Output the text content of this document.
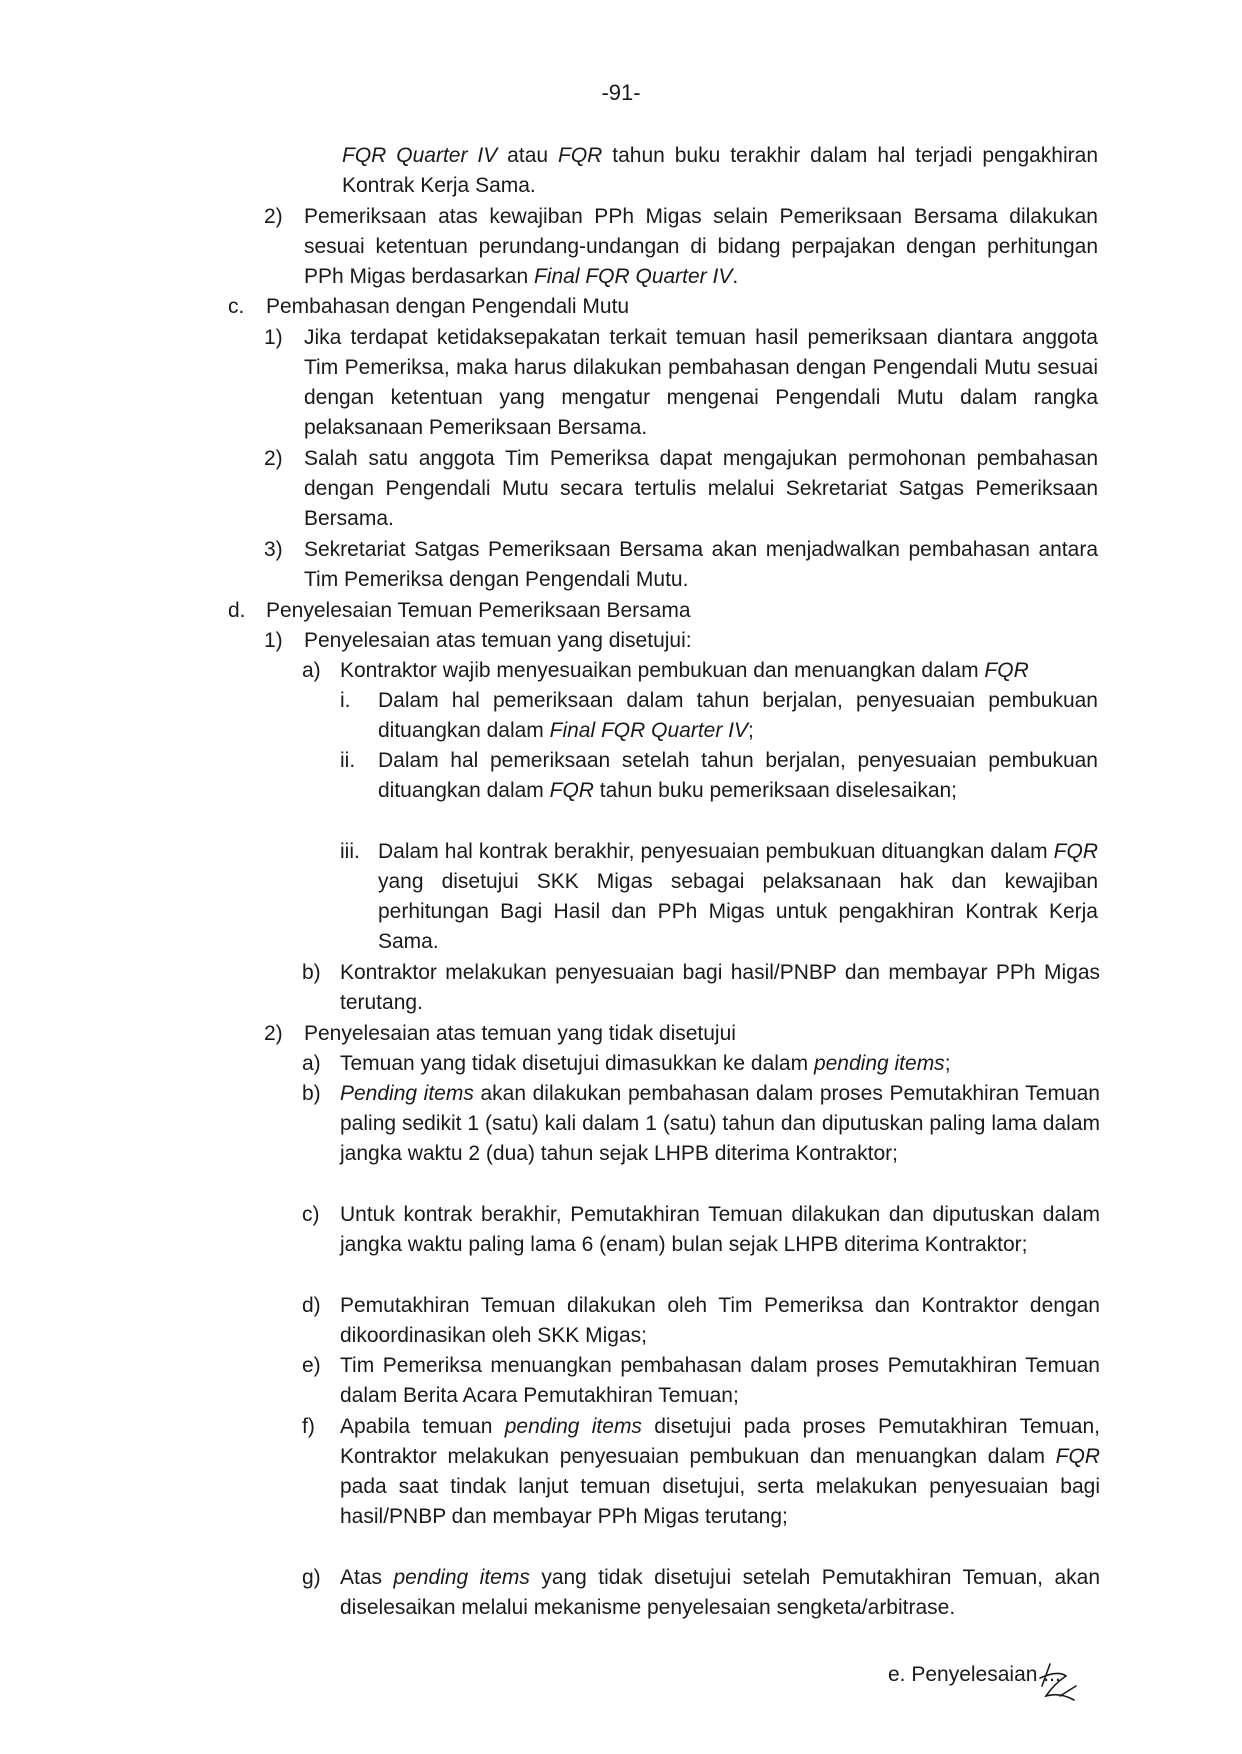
-91-
FQR Quarter IV atau FQR tahun buku terakhir dalam hal terjadi pengakhiran Kontrak Kerja Sama.
2) Pemeriksaan atas kewajiban PPh Migas selain Pemeriksaan Bersama dilakukan sesuai ketentuan perundang-undangan di bidang perpajakan dengan perhitungan PPh Migas berdasarkan Final FQR Quarter IV.
c. Pembahasan dengan Pengendali Mutu
1) Jika terdapat ketidaksepakatan terkait temuan hasil pemeriksaan diantara anggota Tim Pemeriksa, maka harus dilakukan pembahasan dengan Pengendali Mutu sesuai dengan ketentuan yang mengatur mengenai Pengendali Mutu dalam rangka pelaksanaan Pemeriksaan Bersama.
2) Salah satu anggota Tim Pemeriksa dapat mengajukan permohonan pembahasan dengan Pengendali Mutu secara tertulis melalui Sekretariat Satgas Pemeriksaan Bersama.
3) Sekretariat Satgas Pemeriksaan Bersama akan menjadwalkan pembahasan antara Tim Pemeriksa dengan Pengendali Mutu.
d. Penyelesaian Temuan Pemeriksaan Bersama
1) Penyelesaian atas temuan yang disetujui:
a) Kontraktor wajib menyesuaikan pembukuan dan menuangkan dalam FQR
i. Dalam hal pemeriksaan dalam tahun berjalan, penyesuaian pembukuan dituangkan dalam Final FQR Quarter IV;
ii. Dalam hal pemeriksaan setelah tahun berjalan, penyesuaian pembukuan dituangkan dalam FQR tahun buku pemeriksaan diselesaikan;
iii. Dalam hal kontrak berakhir, penyesuaian pembukuan dituangkan dalam FQR yang disetujui SKK Migas sebagai pelaksanaan hak dan kewajiban perhitungan Bagi Hasil dan PPh Migas untuk pengakhiran Kontrak Kerja Sama.
b) Kontraktor melakukan penyesuaian bagi hasil/PNBP dan membayar PPh Migas terutang.
2) Penyelesaian atas temuan yang tidak disetujui
a) Temuan yang tidak disetujui dimasukkan ke dalam pending items;
b) Pending items akan dilakukan pembahasan dalam proses Pemutakhiran Temuan paling sedikit 1 (satu) kali dalam 1 (satu) tahun dan diputuskan paling lama dalam jangka waktu 2 (dua) tahun sejak LHPB diterima Kontraktor;
c) Untuk kontrak berakhir, Pemutakhiran Temuan dilakukan dan diputuskan dalam jangka waktu paling lama 6 (enam) bulan sejak LHPB diterima Kontraktor;
d) Pemutakhiran Temuan dilakukan oleh Tim Pemeriksa dan Kontraktor dengan dikoordinasikan oleh SKK Migas;
e) Tim Pemeriksa menuangkan pembahasan dalam proses Pemutakhiran Temuan dalam Berita Acara Pemutakhiran Temuan;
f) Apabila temuan pending items disetujui pada proses Pemutakhiran Temuan, Kontraktor melakukan penyesuaian pembukuan dan menuangkan dalam FQR pada saat tindak lanjut temuan disetujui, serta melakukan penyesuaian bagi hasil/PNBP dan membayar PPh Migas terutang;
g) Atas pending items yang tidak disetujui setelah Pemutakhiran Temuan, akan diselesaikan melalui mekanisme penyelesaian sengketa/arbitrase.
e. Penyelesaian ...
